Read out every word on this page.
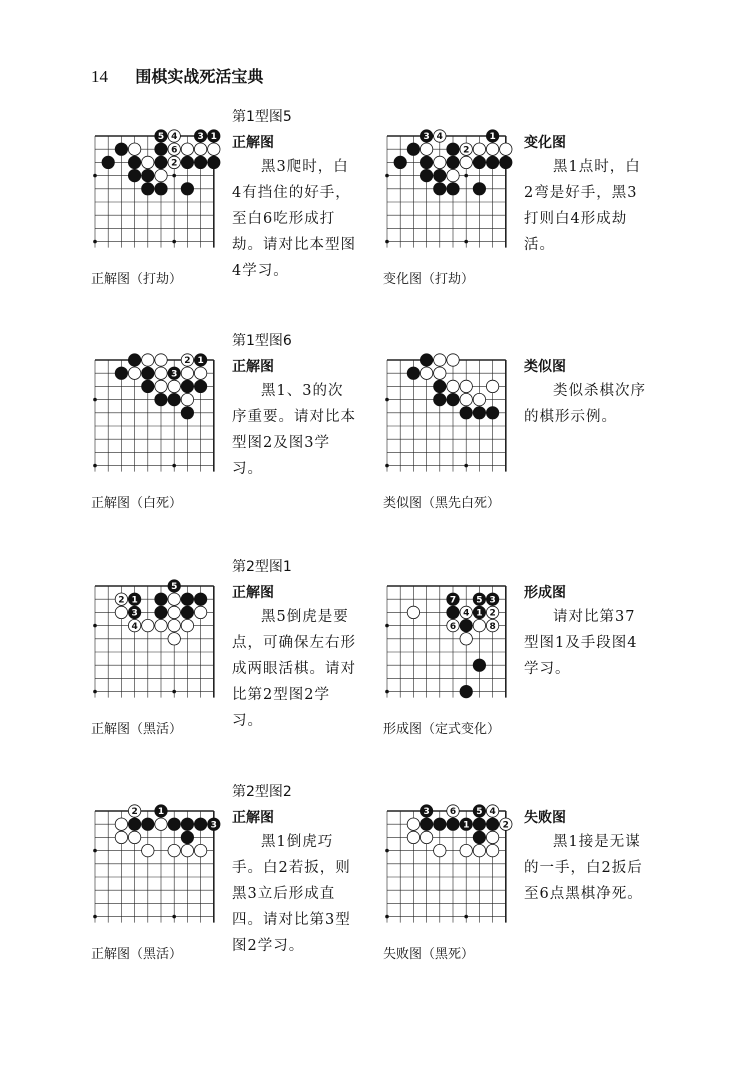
14 围棋实战死活宝典
第1型图5
正解图
黑3爬时，白4有挡住的好手，至白6吃形成打劫。请对比本型图4学习。
正解图（打劫）
3 1
5 4
6
2
变化图
黑1点时，白2弯是好手，黑3打则白4形成劫活。
变化图（打劫）
3 4	1
2
第1型图6
正解图
黑1、3的次序重要。请对比本型图2及图3学习。
正解图（白死）
2 1
3	类似图
类似杀棋次序的棋形示例。
类似图（黑先白死）
第2型图1
正解图
黑5倒虎是要点，可确保左右形成两眼活棋。请对比第2型图2学习。
正解图（黑活）
5
2 1
3
4
形成图
请对比第37型图1及手段图4学习。
形成图（定式变化）
7 5 3
4 1 2
6	8
第2型图2
正解图
黑1倒虎巧手。白2若扳，则黑3立后形成直四。请对比第3型图2学习。
正解图（黑活）
2 1
3	失败图
黑1接是无谋的一手，白2扳后至6点黑棋净死。
失败图（黑死）
3 6 5 4
1	2
